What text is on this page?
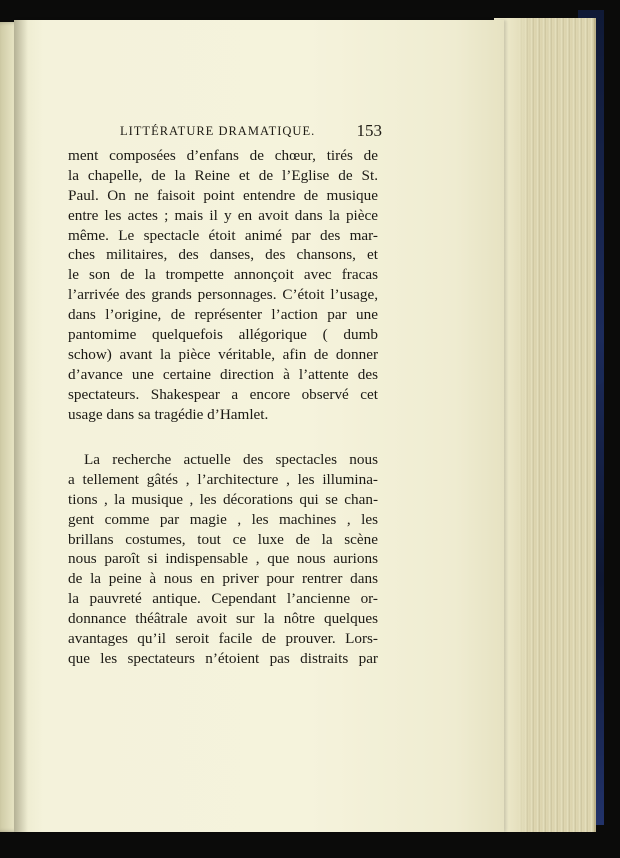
LITTÉRATURE DRAMATIQUE. 153
ment composées d’enfans de chœur, tirés de
la chapelle, de la Reine et de l’Eglise de St.
Paul. On ne faisoit point entendre de musique
entre les actes ; mais il y en avoit dans la pièce
même. Le spectacle étoit animé par des mar-
ches militaires, des danses, des chansons, et
le son de la trompette annonçoit avec fracas
l’arrivée des grands personnages. C’étoit l’usage,
dans l’origine, de représenter l’action par une
pantomime quelquefois allégorique ( dumb
schow) avant la pièce véritable, afin de donner
d’avance une certaine direction à l’attente des
spectateurs. Shakespear a encore observé cet
usage dans sa tragédie d’Hamlet.
La recherche actuelle des spectacles nous
a tellement gâtés , l’architecture , les illumina-
tions , la musique , les décorations qui se chan-
gent comme par magie , les machines , les
brillans costumes, tout ce luxe de la scène
nous paroît si indispensable , que nous aurions
de la peine à nous en priver pour rentrer dans
la pauvreté antique. Cependant l’ancienne or-
donnance théâtrale avoit sur la nôtre quelques
avantages qu’il seroit facile de prouver. Lors-
que les spectateurs n’étoient pas distraits par
